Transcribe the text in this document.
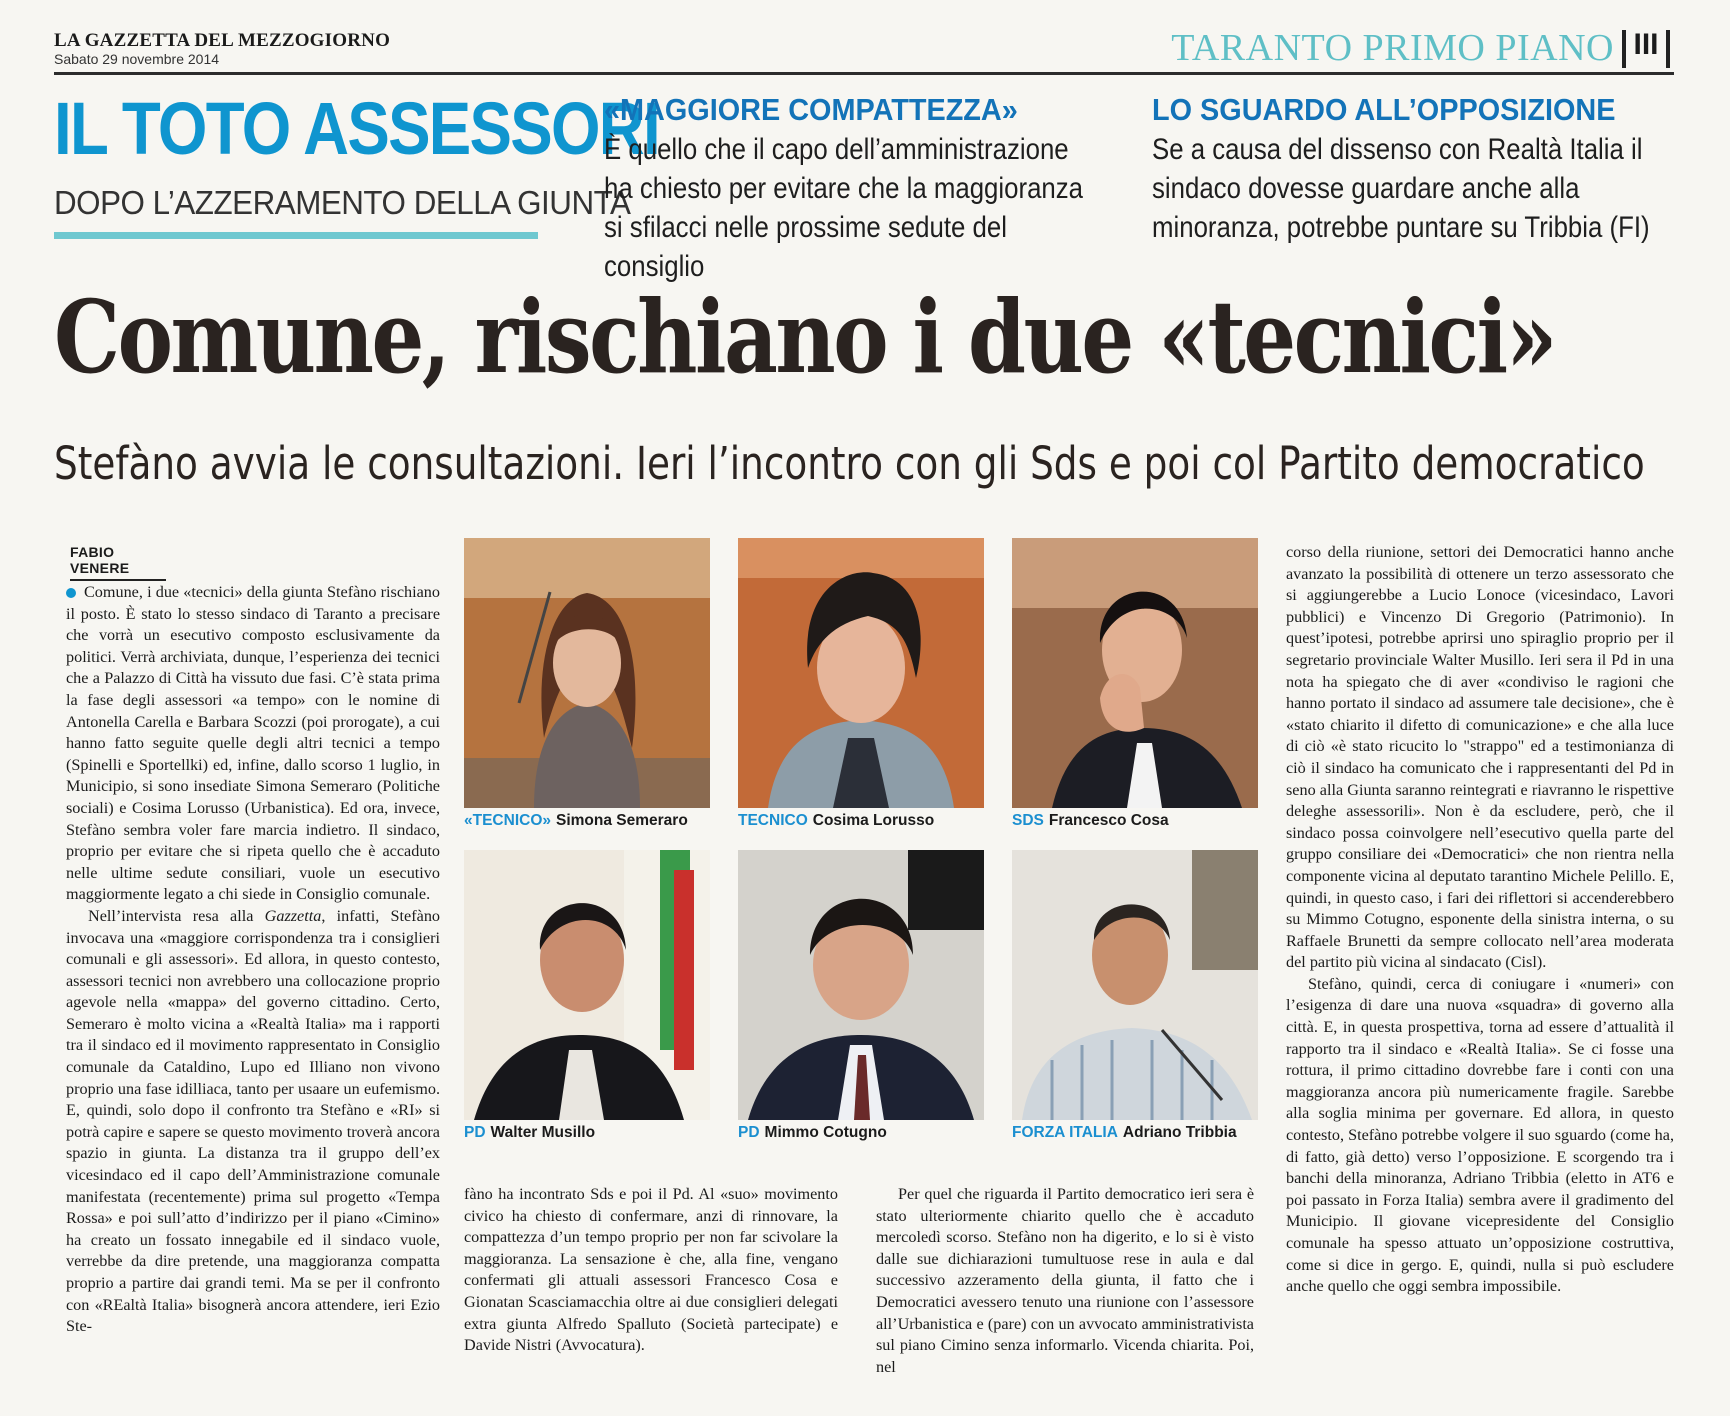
LA GAZZETTA DEL MEZZOGIORNO
Sabato 29 novembre 2014	TARANTO PRIMO PIANO III
IL TOTO ASSESSORI
DOPO L’AZZERAMENTO DELLA GIUNTA
«MAGGIORE COMPATTEZZA»
È quello che il capo dell’amministrazione ha chiesto per evitare che la maggioranza si sfilacci nelle prossime sedute del consiglio
LO SGUARDO ALL’OPPOSIZIONE
Se a causa del dissenso con Realtà Italia il sindaco dovesse guardare anche alla minoranza, potrebbe puntare su Tribbia (FI)
Comune, rischiano i due «tecnici»
Stefàno avvia le consultazioni. Ieri l’incontro con gli Sds e poi col Partito democratico
FABIO VENERE

Comune, i due «tecnici» della giunta Stefàno rischiano il posto. È stato lo stesso sindaco di Taranto a precisare che vorrà un esecutivo composto esclusivamente da politici. Verrà archiviata, dunque, l’esperienza dei tecnici che a Palazzo di Città ha vissuto due fasi. C’è stata prima la fase degli assessori «a tempo» con le nomine di Antonella Carella e Barbara Scozzi (poi prorogate), a cui hanno fatto seguite quelle degli altri tecnici a tempo (Spinelli e Sportellki) ed, infine, dallo scorso 1 luglio, in Municipio, si sono insediate Simona Semeraro (Politiche sociali) e Cosima Lorusso (Urbanistica). Ed ora, invece, Stefàno sembra voler fare marcia indietro. Il sindaco, proprio per evitare che si ripeta quello che è accaduto nelle ultime sedute consiliari, vuole un esecutivo maggiormente legato a chi siede in Consiglio comunale.

Nell’intervista resa alla Gazzetta, infatti, Stefàno invocava una «maggiore corrispondenza tra i consiglieri comunali e gli assessori». Ed allora, in questo contesto, assessori tecnici non avrebbero una collocazione proprio agevole nella «mappa» del governo cittadino. Certo, Semeraro è molto vicina a «Realtà Italia» ma i rapporti tra il sindaco ed il movimento rappresentato in Consiglio comunale da Cataldino, Lupo ed Illiano non vivono proprio una fase idilliaca, tanto per usaare un eufemismo. E, quindi, solo dopo il confronto tra Stefàno e «RI» si potrà capire e sapere se questo movimento troverà ancora spazio in giunta. La distanza tra il gruppo dell’ex vicesindaco ed il capo dell’Amministrazione comunale manifestata (recentemente) prima sul progetto «Tempa Rossa» e poi sull’atto d’indirizzo per il piano «Cimino» ha creato un fossato innegabile ed il sindaco vuole, verrebbe da dire pretende, una maggioranza compatta proprio a partire dai grandi temi. Ma se per il confronto con «REaltà Italia» bisognerà ancora attendere, ieri Ezio Ste-

fàno ha incontrato Sds e poi il Pd. Al «suo» movimento civico ha chiesto di confermare, anzi di rinnovare, la compattezza d’un tempo proprio per non far scivolare la maggioranza. La sensazione è che, alla fine, vengano confermati gli attuali assessori Francesco Cosa e Gionatan Scasciamacchia oltre ai due consiglieri delegati extra giunta Alfredo Spalluto (Società partecipate) e Davide Nistri (Avvocatura).

Per quel che riguarda il Partito democratico ieri sera è stato ulteriormente chiarito quello che è accaduto mercoledì scorso. Stefàno non ha digerito, e lo si è visto dalle sue dichiarazioni tumultuose rese in aula e dal successivo azzeramento della giunta, il fatto che i Democratici avessero tenuto una riunione con l’assessore all’Urbanistica e (pare) con un avvocato amministrativista sul piano Cimino senza informarlo. Vicenda chiarita. Poi, nel

corso della riunione, settori dei Democratici hanno anche avanzato la possibilità di ottenere un terzo assessorato che si aggiungerebbe a Lucio Lonoce (vicesindaco, Lavori pubblici) e Vincenzo Di Gregorio (Patrimonio). In quest’ipotesi, potrebbe aprirsi uno spiraglio proprio per il segretario provinciale Walter Musillo. Ieri sera il Pd in una nota ha spiegato che di aver «condiviso le ragioni che hanno portato il sindaco ad assumere tale decisione», che è «stato chiarito il difetto di comunicazione» e che alla luce di ciò «è stato ricucito lo "strappo" ed a testimonianza di ciò il sindaco ha comunicato che i rappresentanti del Pd in seno alla Giunta saranno reintegrati e riavranno le rispettive deleghe assessorili». Non è da escludere, però, che il sindaco possa coinvolgere nell’esecutivo quella parte del gruppo consiliare dei «Democratici» che non rientra nella componente vicina al deputato tarantino Michele Pelillo. E, quindi, in questo caso, i fari dei riflettori si accenderebbero su Mimmo Cotugno, esponente della sinistra interna, o su Raffaele Brunetti da sempre collocato nell’area moderata del partito più vicina al sindacato (Cisl).

Stefàno, quindi, cerca di coniugare i «numeri» con l’esigenza di dare una nuova «squadra» di governo alla città. E, in questa prospettiva, torna ad essere d’attualità il rapporto tra il sindaco e «Realtà Italia». Se ci fosse una rottura, il primo cittadino dovrebbe fare i conti con una maggioranza ancora più numericamente fragile. Sarebbe alla soglia minima per governare. Ed allora, in questo contesto, Stefàno potrebbe volgere il suo sguardo (come ha, di fatto, già detto) verso l’opposizione. E scorgendo tra i banchi della minoranza, Adriano Tribbia (eletto in AT6 e poi passato in Forza Italia) sembra avere il gradimento del Municipio. Il giovane vicepresidente del Consiglio comunale ha spesso attuato un’opposizione costruttiva, come si dice in gergo. E, quindi, nulla si può escludere anche quello che oggi sembra impossibile.

«TECNICO» Simona Semeraro	TECNICO Cosima Lorusso	SDS Francesco Cosa
PD Walter Musillo	PD Mimmo Cotugno	FORZA ITALIA Adriano Tribbia
